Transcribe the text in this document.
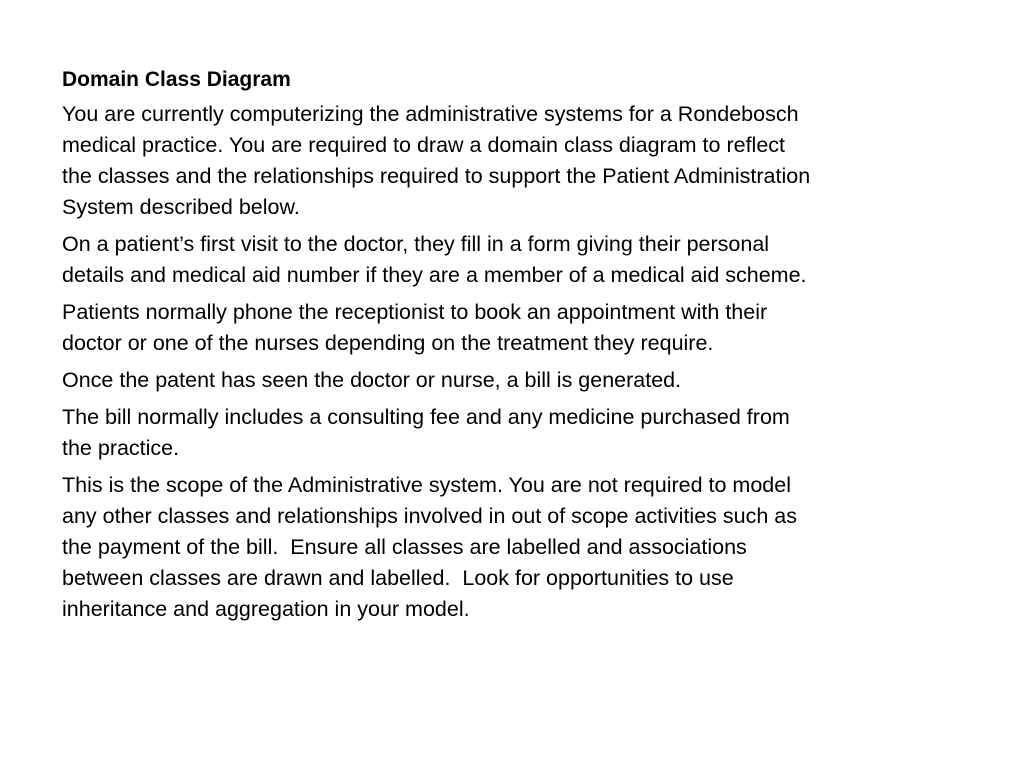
Domain Class Diagram
You are currently computerizing the administrative systems for a Rondebosch
medical practice. You are required to draw a domain class diagram to reflect
the classes and the relationships required to support the Patient Administration
System described below.
On a patient’s first visit to the doctor, they fill in a form giving their personal
details and medical aid number if they are a member of a medical aid scheme.
Patients normally phone the receptionist to book an appointment with their
doctor or one of the nurses depending on the treatment they require.
Once the patent has seen the doctor or nurse, a bill is generated.
The bill normally includes a consulting fee and any medicine purchased from
the practice.
This is the scope of the Administrative system. You are not required to model
any other classes and relationships involved in out of scope activities such as
the payment of the bill.  Ensure all classes are labelled and associations
between classes are drawn and labelled.  Look for opportunities to use
inheritance and aggregation in your model.
